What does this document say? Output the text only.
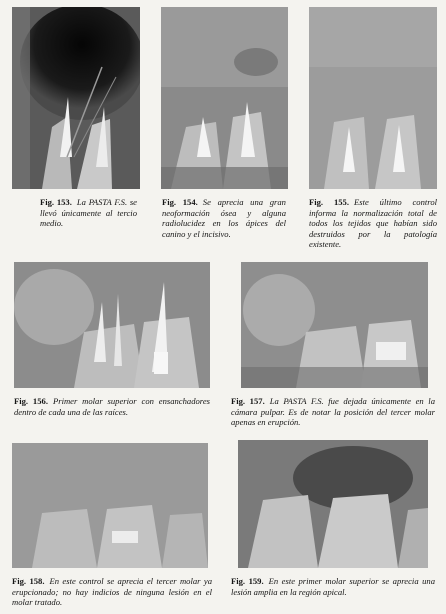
Fig. 153. La PASTA F.S. se llevó únicamente al tercio medio.
Fig. 154. Se aprecia una gran neoformación ósea y alguna radiolucidez en los ápices del canino y el incisivo.
Fig. 155. Este último control informa la normalización total de todos los tejidos que habían sido destruidos por la patología existente.
Fig. 156. Primer molar superior con ensanchadores dentro de cada una de las raíces.
Fig. 157. La PASTA F.S. fue dejada únicamente en la cámara pulpar. Es de notar la posición del tercer molar apenas en erupción.
Fig. 158. En este control se aprecia el tercer molar ya erupcionado; no hay indicios de ninguna lesión en el molar tratado.
Fig. 159. En este primer molar superior se aprecia una lesión amplia en la región apical.
